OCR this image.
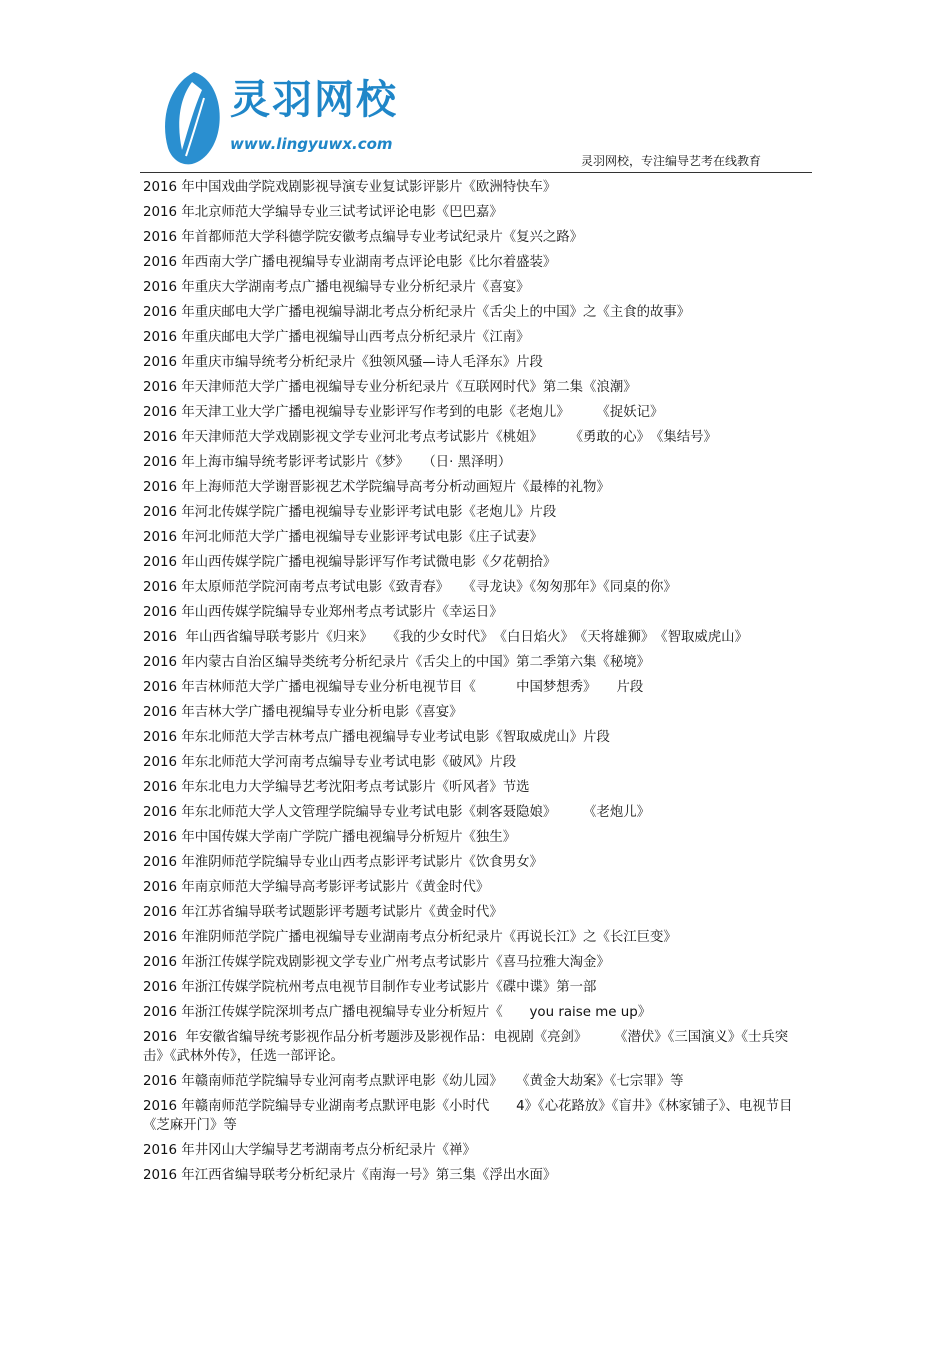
灵羽网校
www.lingyuwx.com
灵羽网校，专注编导艺考在线教育
2016 年中国戏曲学院戏剧影视导演专业复试影评影片《欧洲特快车》
2016 年北京师范大学编导专业三试考试评论电影《巴巴嘉》
2016 年首都师范大学科德学院安徽考点编导专业考试纪录片《复兴之路》
2016 年西南大学广播电视编导专业湖南考点评论电影《比尔着盛装》
2016 年重庆大学湖南考点广播电视编导专业分析纪录片《喜宴》
2016 年重庆邮电大学广播电视编导湖北考点分析纪录片《舌尖上的中国》之《主食的故事》
2016 年重庆邮电大学广播电视编导山西考点分析纪录片《江南》
2016 年重庆市编导统考分析纪录片《独领风骚—诗人毛泽东》片段
2016 年天津师范大学广播电视编导专业分析纪录片《互联网时代》第二集《浪潮》
2016 年天津工业大学广播电视编导专业影评写作考到的电影《老炮儿》　　　《捉妖记》
2016 年天津师范大学戏剧影视文学专业河北考点考试影片《桃姐》　　　《勇敢的心》　《集结号》
2016 年上海市编导统考影评考试影片《梦》　　（日· 黑泽明）
2016 年上海师范大学谢晋影视艺术学院编导高考分析动画短片《最棒的礼物》
2016 年河北传媒学院广播电视编导专业影评考试电影《老炮儿》片段
2016 年河北师范大学广播电视编导专业影评考试电影《庄子试妻》
2016 年山西传媒学院广播电视编导影评写作考试微电影《夕花朝拾》
2016 年太原师范学院河南考点考试电影《致青春》　　《寻龙诀》《匆匆那年》《同桌的你》
2016 年山西传媒学院编导专业郑州考点考试影片《幸运日》
2016  年山西省编导联考影片《归来》　　《我的少女时代》　《白日焰火》　《天将雄狮》　《智取威虎山》
2016 年内蒙古自治区编导类统考分析纪录片《舌尖上的中国》第二季第六集《秘境》
2016 年吉林师范大学广播电视编导专业分析电视节目《　　　中国梦想秀》　　片段
2016 年吉林大学广播电视编导专业分析电影《喜宴》
2016 年东北师范大学吉林考点广播电视编导专业考试电影《智取威虎山》片段
2016 年东北师范大学河南考点编导专业考试电影《破风》片段
2016 年东北电力大学编导艺考沈阳考点考试影片《听风者》节选
2016 年东北师范大学人文管理学院编导专业考试电影《刺客聂隐娘》　　　《老炮儿》
2016 年中国传媒大学南广学院广播电视编导分析短片《独生》
2016 年淮阴师范学院编导专业山西考点影评考试影片《饮食男女》
2016 年南京师范大学编导高考影评考试影片《黄金时代》
2016 年江苏省编导联考试题影评考题考试影片《黄金时代》
2016 年淮阴师范学院广播电视编导专业湖南考点分析纪录片《再说长江》之《长江巨变》
2016 年浙江传媒学院戏剧影视文学专业广州考点考试影片《喜马拉雅大淘金》
2016 年浙江传媒学院杭州考点电视节目制作专业考试影片《碟中谍》第一部
2016 年浙江传媒学院深圳考点广播电视编导专业分析短片《　　you raise me up》
2016  年安徽省编导统考影视作品分析考题涉及影视作品：电视剧《亮剑》　　　《潜伏》《三国演义》《士兵突击》《武林外传》，任选一部评论。
2016 年赣南师范学院编导专业河南考点默评电影《幼儿园》　　《黄金大劫案》《七宗罪》等
2016 年赣南师范学院编导专业湖南考点默评电影《小时代　　4》《心花路放》《盲井》《林家铺子》、电视节目《芝麻开门》等
2016 年井冈山大学编导艺考湖南考点分析纪录片《禅》
2016 年江西省编导联考分析纪录片《南海一号》第三集《浮出水面》
